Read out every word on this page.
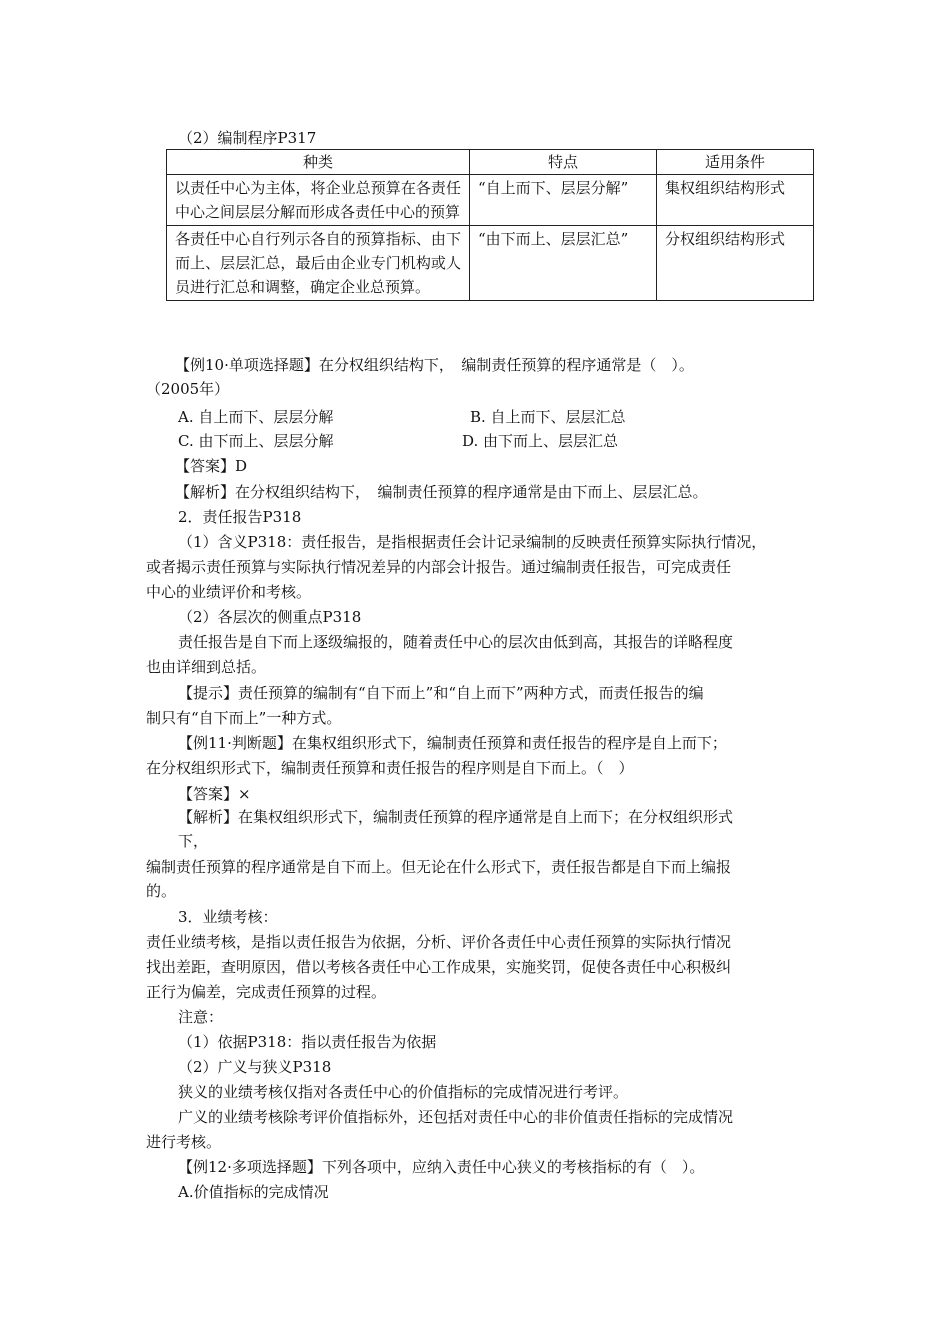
（2）编制程序P317
种类	特点	适用条件
以责任中心为主体，将企业总预算在各责任中心之间层层分解而形成各责任中心的预算	“自上而下、层层分解”	集权组织结构形式
各责任中心自行列示各自的预算指标、由下而上、层层汇总，最后由企业专门机构或人员进行汇总和调整，确定企业总预算。	“由下而上、层层汇总”	分权组织结构形式
【例10·单项选择题】在分权组织结构下，　编制责任预算的程序通常是（　）。
（2005年）
A. 自上而下、层层分解	B. 自上而下、层层汇总
C. 由下而上、层层分解	D. 由下而上、层层汇总
【答案】D
【解析】在分权组织结构下，　编制责任预算的程序通常是由下而上、层层汇总。
2．责任报告P318
（1）含义P318：责任报告，是指根据责任会计记录编制的反映责任预算实际执行情况，
或者揭示责任预算与实际执行情况差异的内部会计报告。通过编制责任报告，可完成责任
中心的业绩评价和考核。
（2）各层次的侧重点P318
责任报告是自下而上逐级编报的，随着责任中心的层次由低到高，其报告的详略程度
也由详细到总括。
【提示】责任预算的编制有“自下而上”和“自上而下”两种方式，而责任报告的编
制只有“自下而上”一种方式。
【例11·判断题】在集权组织形式下，编制责任预算和责任报告的程序是自上而下；
在分权组织形式下，编制责任预算和责任报告的程序则是自下而上。（　）
【答案】×
【解析】在集权组织形式下，编制责任预算的程序通常是自上而下；在分权组织形式
下，
编制责任预算的程序通常是自下而上。但无论在什么形式下，责任报告都是自下而上编报
的。
3．业绩考核：
责任业绩考核，是指以责任报告为依据，分析、评价各责任中心责任预算的实际执行情况
找出差距，查明原因，借以考核各责任中心工作成果，实施奖罚，促使各责任中心积极纠
正行为偏差，完成责任预算的过程。
注意：
（1）依据P318：指以责任报告为依据
（2）广义与狭义P318
狭义的业绩考核仅指对各责任中心的价值指标的完成情况进行考评。
广义的业绩考核除考评价值指标外，还包括对责任中心的非价值责任指标的完成情况
进行考核。
【例12·多项选择题】下列各项中，应纳入责任中心狭义的考核指标的有（　）。
A.价值指标的完成情况
